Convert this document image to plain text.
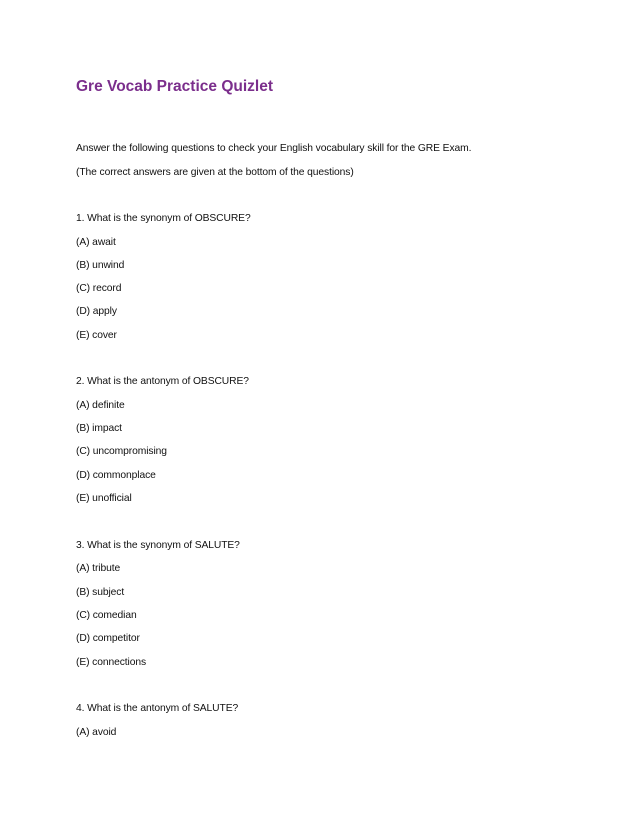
Gre Vocab Practice Quizlet

Answer the following questions to check your English vocabulary skill for the GRE Exam.

(The correct answers are given at the bottom of the questions)

1. What is the synonym of OBSCURE?

(A) await

(B) unwind

(C) record

(D) apply

(E) cover

2. What is the antonym of OBSCURE?

(A) definite

(B) impact

(C) uncompromising

(D) commonplace

(E) unofficial

3. What is the synonym of SALUTE?

(A) tribute

(B) subject

(C) comedian

(D) competitor

(E) connections

4. What is the antonym of SALUTE?

(A) avoid
